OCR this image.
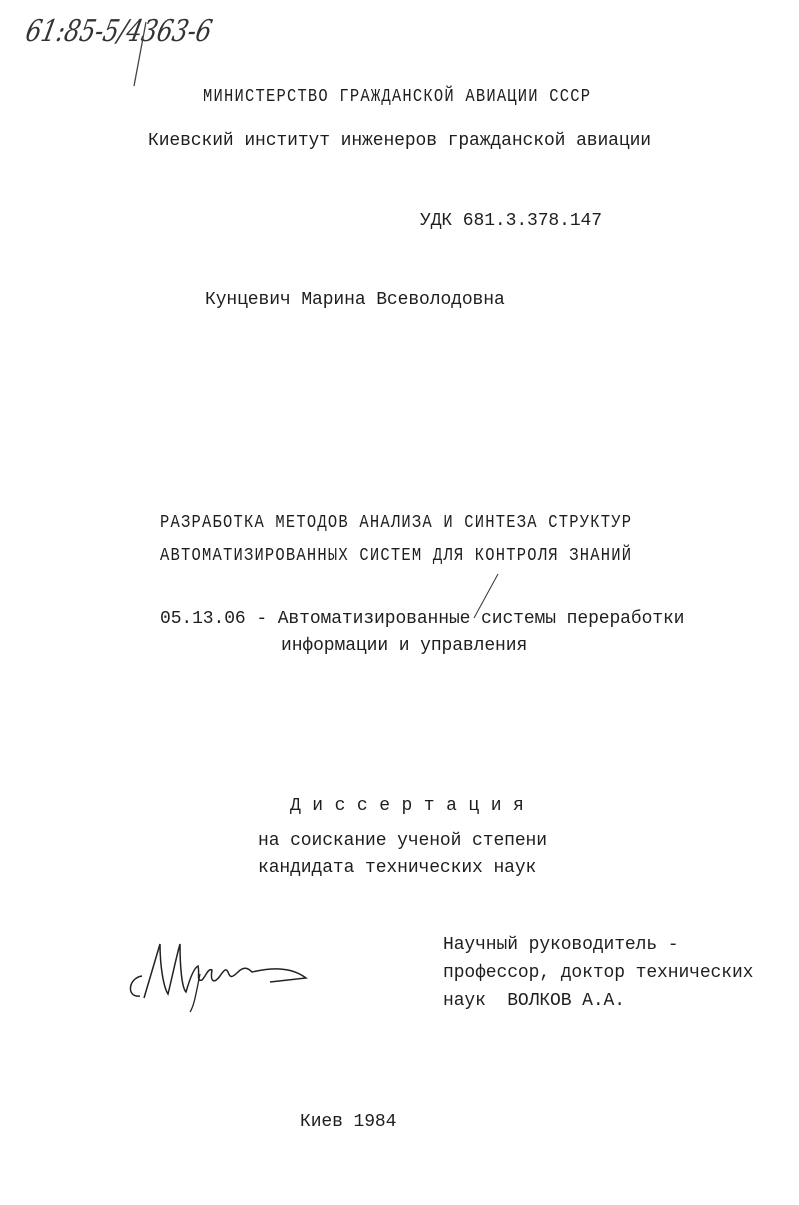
61:85-5/4363-6
МИНИСТЕРСТВО ГРАЖДАНСКОЙ АВИАЦИИ СССР
Киевский институт инженеров гражданской авиации
УДК 681.3.378.147
Кунцевич Марина Всеволодовна
РАЗРАБОТКА МЕТОДОВ АНАЛИЗА И СИНТЕЗА СТРУКТУР
АВТОМАТИЗИРОВАННЫХ СИСТЕМ ДЛЯ КОНТРОЛЯ ЗНАНИЙ
05.13.06 - Автоматизированные системы переработки
информации и управления
Диссертация
на соискание ученой степени
кандидата технических наук
Научный руководитель -
профессор, доктор технических
наук  ВОЛКОВ А.А.
Киев 1984
